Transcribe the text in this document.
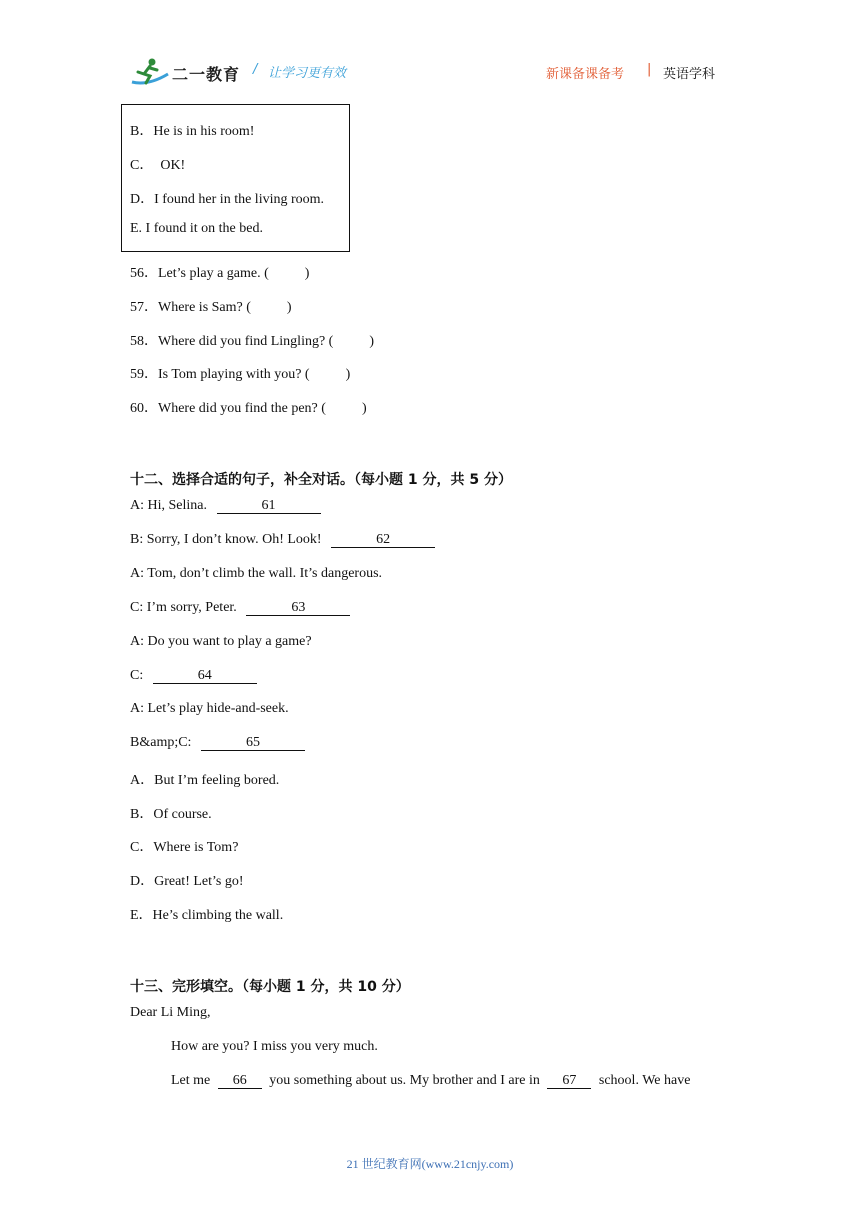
二一教育 / 让学习更有效	新课备课备考 | 英语学科
B．He is in his room!
C．  OK!
D．I found her in the living room.
E. I found it on the bed.
56．Let’s play a game. (	)
57．Where is Sam? (	)
58．Where did you find Lingling? (	)
59．Is Tom playing with you? (	)
60．Where did you find the pen? (	)
十二、选择合适的句子，补全对话。（每小题 1 分，共 5 分）
A: Hi, Selina.	61
B: Sorry, I don’t know. Oh! Look!	62
A: Tom, don’t climb the wall. It’s dangerous.
C: I’m sorry, Peter.	63
A: Do you want to play a game?
C:	64
A: Let’s play hide-and-seek.
B&amp;C:	65
A．But I’m feeling bored.
B．Of course.
C．Where is Tom?
D．Great! Let’s go!
E．He’s climbing the wall.
十三、完形填空。（每小题 1 分，共 10 分）
Dear Li Ming,
How are you? I miss you very much.
Let me 66 you something about us. My brother and I are in 67 school. We have
21 世纪教育网(www.21cnjy.com)
